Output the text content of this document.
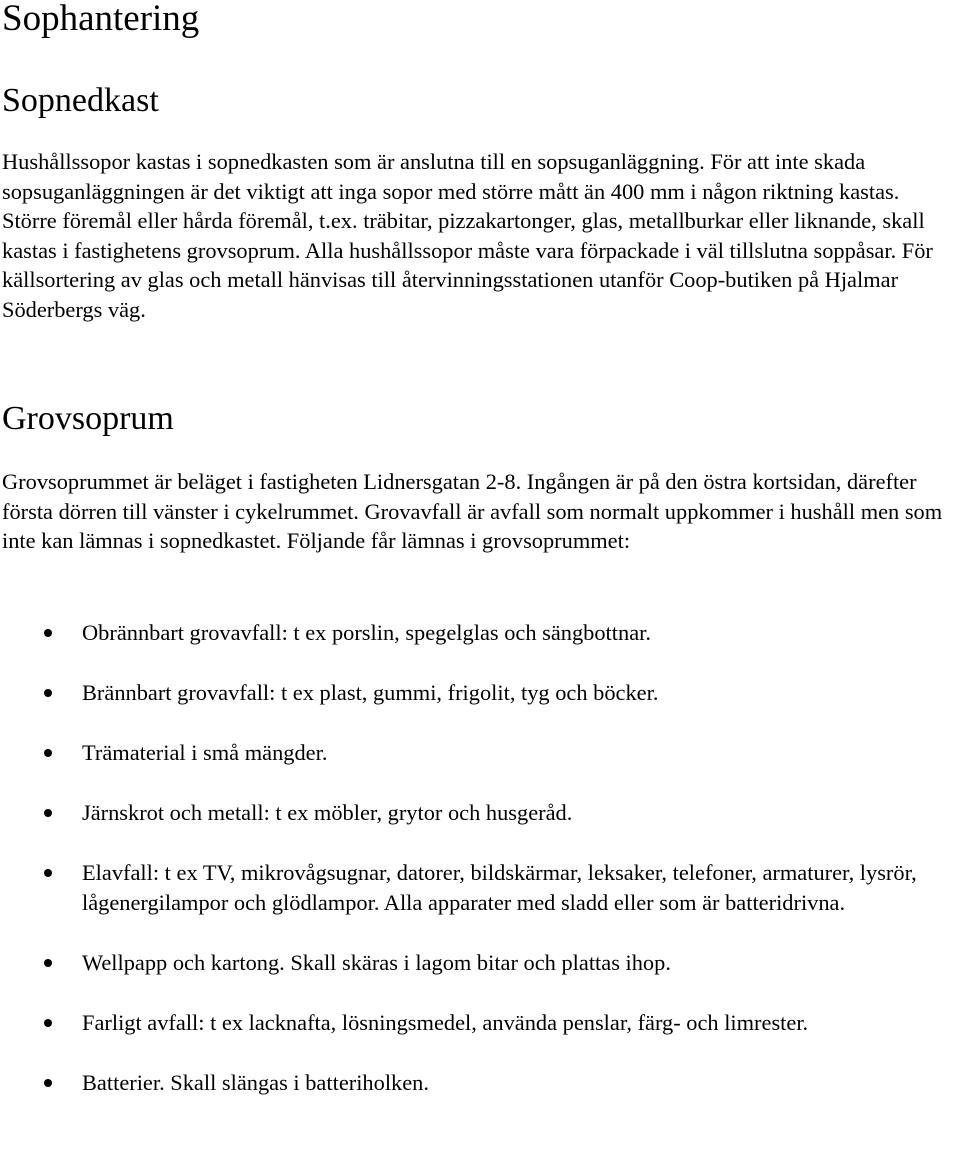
Sophantering
Sopnedkast

Hushållssopor kastas i sopnedkasten som är anslutna till en sopsuganläggning. För att inte skada sopsuganläggningen är det viktigt att inga sopor med större mått än 400 mm i någon riktning kastas. Större föremål eller hårda föremål, t.ex. träbitar, pizzakartonger, glas, metallburkar eller liknande, skall kastas i fastighetens grovsoprum. Alla hushållssopor måste vara förpackade i väl tillslutna soppåsar. För källsortering av glas och metall hänvisas till återvinningsstationen utanför Coop-butiken på Hjalmar Söderbergs väg.

Grovsoprum

Grovsoprummet är beläget i fastigheten Lidnersgatan 2-8. Ingången är på den östra kortsidan, därefter första dörren till vänster i cykelrummet. Grovavfall är avfall som normalt uppkommer i hushåll men som inte kan lämnas i sopnedkastet. Följande får lämnas i grovsoprummet:

Obrännbart grovavfall: t ex porslin, spegelglas och sängbottnar.
Brännbart grovavfall: t ex plast, gummi, frigolit, tyg och böcker.
Trämaterial i små mängder.
Järnskrot och metall: t ex möbler, grytor och husgeråd.
Elavfall: t ex TV, mikrovågsugnar, datorer, bildskärmar, leksaker, telefoner, armaturer, lysrör, lågenergilampor och glödlampor. Alla apparater med sladd eller som är batteridrivna.
Wellpapp och kartong. Skall skäras i lagom bitar och plattas ihop.
Farligt avfall: t ex lacknafta, lösningsmedel, använda penslar, färg- och limrester.
Batterier. Skall slängas i batteriholken.
